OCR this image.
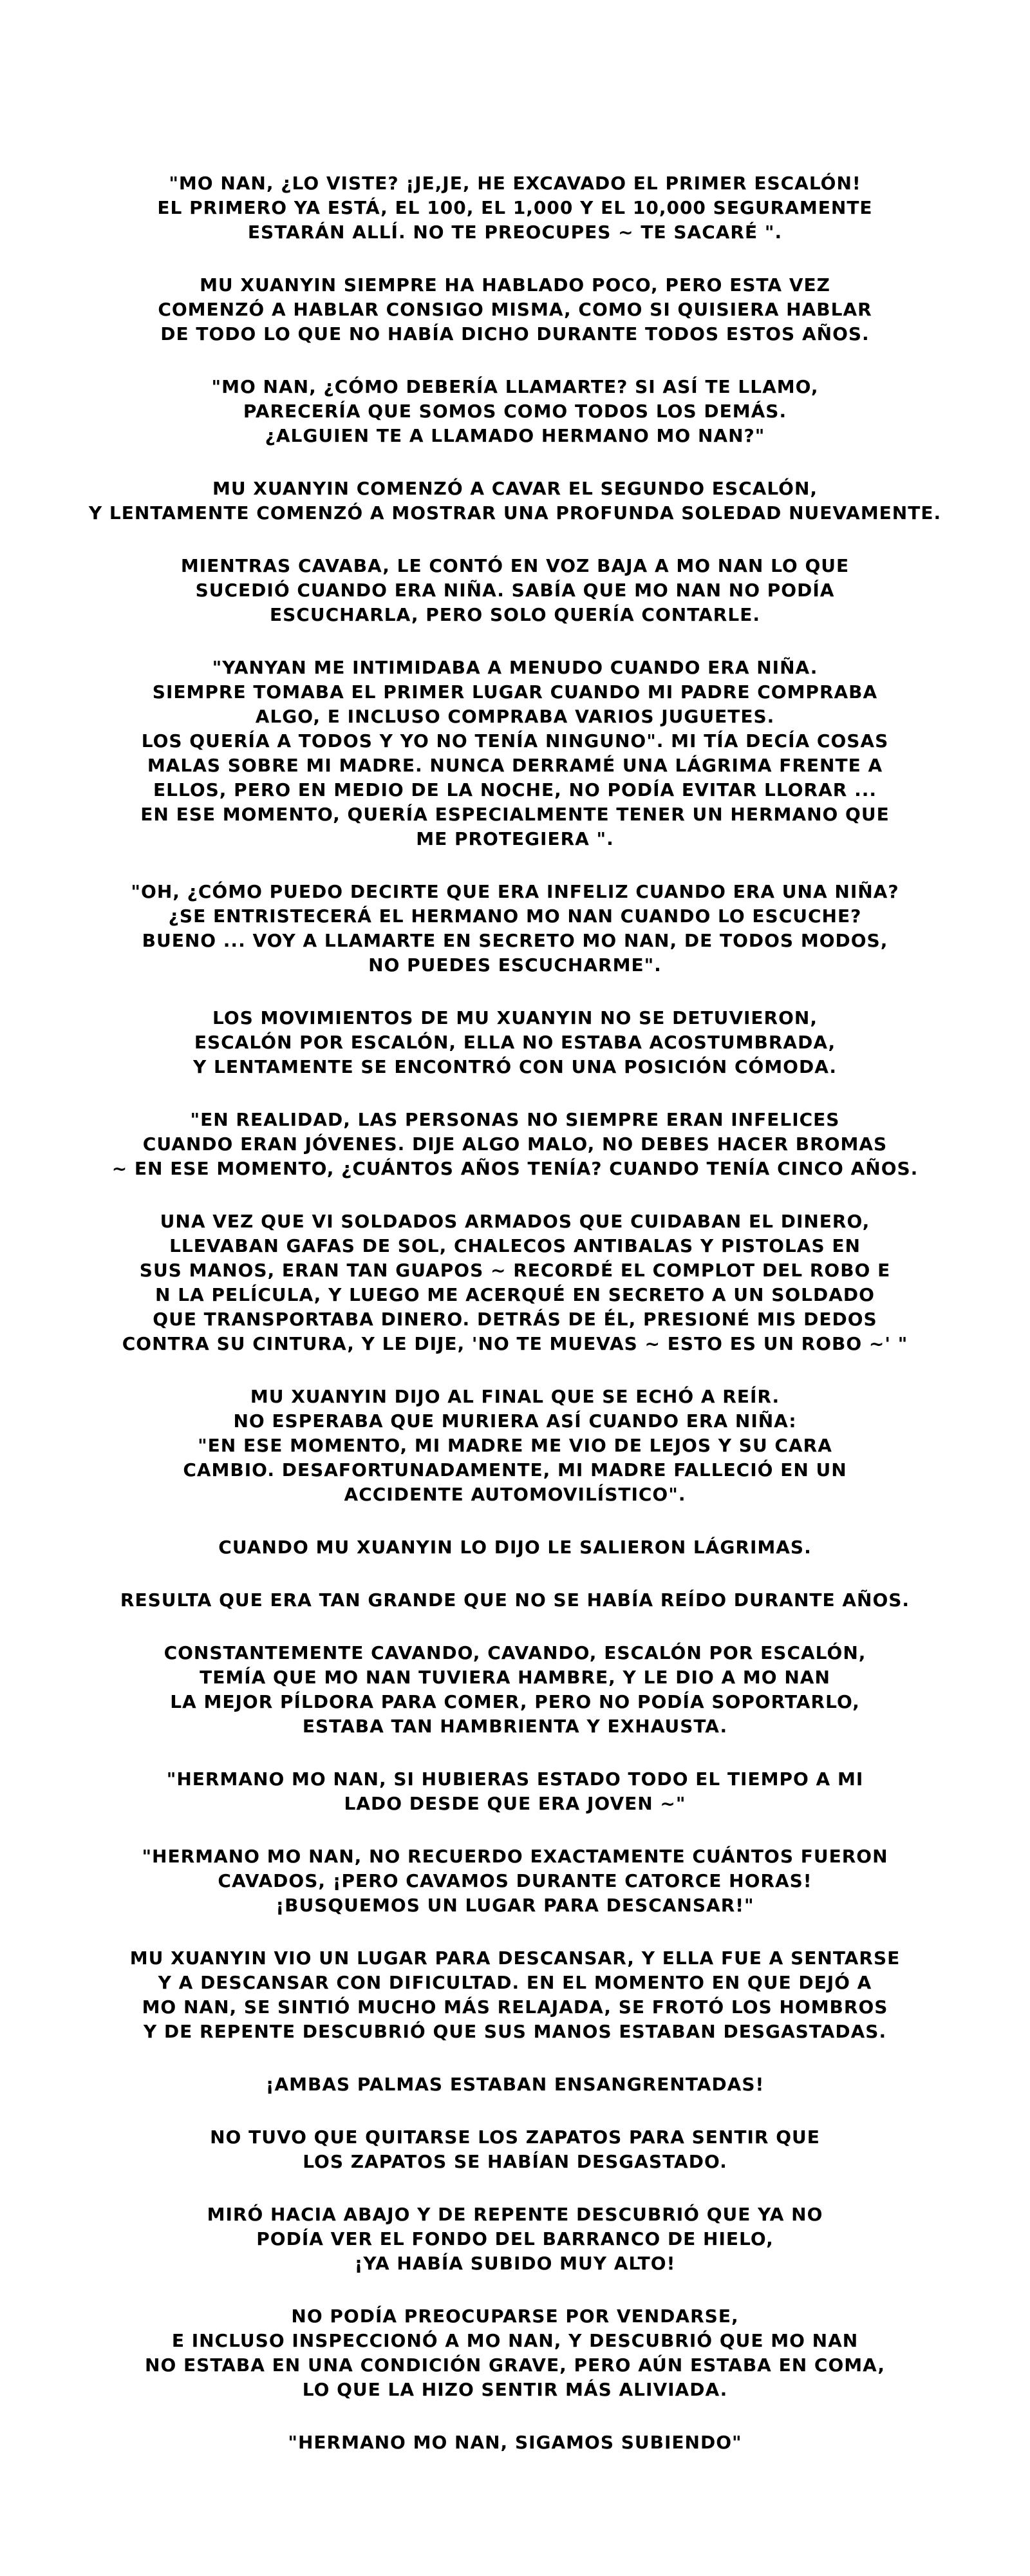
"MO NAN, ¿LO VISTE? ¡JE,JE, HE EXCAVADO EL PRIMER ESCALÓN!
EL PRIMERO YA ESTÁ, EL 100, EL 1,000 Y EL 10,000 SEGURAMENTE
ESTARÁN ALLÍ. NO TE PREOCUPES ~ TE SACARÉ ".
MU XUANYIN SIEMPRE HA HABLADO POCO, PERO ESTA VEZ
COMENZÓ A HABLAR CONSIGO MISMA, COMO SI QUISIERA HABLAR
DE TODO LO QUE NO HABÍA DICHO DURANTE TODOS ESTOS AÑOS.
"MO NAN, ¿CÓMO DEBERÍA LLAMARTE? SI ASÍ TE LLAMO,
PARECERÍA QUE SOMOS COMO TODOS LOS DEMÁS.
¿ALGUIEN TE A LLAMADO HERMANO MO NAN?"
MU XUANYIN COMENZÓ A CAVAR EL SEGUNDO ESCALÓN,
Y LENTAMENTE COMENZÓ A MOSTRAR UNA PROFUNDA SOLEDAD NUEVAMENTE.
MIENTRAS CAVABA, LE CONTÓ EN VOZ BAJA A MO NAN LO QUE
SUCEDIÓ CUANDO ERA NIÑA. SABÍA QUE MO NAN NO PODÍA
ESCUCHARLA, PERO SOLO QUERÍA CONTARLE.
"YANYAN ME INTIMIDABA A MENUDO CUANDO ERA NIÑA.
SIEMPRE TOMABA EL PRIMER LUGAR CUANDO MI PADRE COMPRABA
ALGO, E INCLUSO COMPRABA VARIOS JUGUETES.
LOS QUERÍA A TODOS Y YO NO TENÍA NINGUNO". MI TÍA DECÍA COSAS
MALAS SOBRE MI MADRE. NUNCA DERRAMÉ UNA LÁGRIMA FRENTE A
ELLOS, PERO EN MEDIO DE LA NOCHE, NO PODÍA EVITAR LLORAR ...
EN ESE MOMENTO, QUERÍA ESPECIALMENTE TENER UN HERMANO QUE
ME PROTEGIERA ".
"OH, ¿CÓMO PUEDO DECIRTE QUE ERA INFELIZ CUANDO ERA UNA NIÑA?
¿SE ENTRISTECERÁ EL HERMANO MO NAN CUANDO LO ESCUCHE?
BUENO ... VOY A LLAMARTE EN SECRETO MO NAN, DE TODOS MODOS,
NO PUEDES ESCUCHARME".
LOS MOVIMIENTOS DE MU XUANYIN NO SE DETUVIERON,
ESCALÓN POR ESCALÓN, ELLA NO ESTABA ACOSTUMBRADA,
Y LENTAMENTE SE ENCONTRÓ CON UNA POSICIÓN CÓMODA.
"EN REALIDAD, LAS PERSONAS NO SIEMPRE ERAN INFELICES
CUANDO ERAN JÓVENES. DIJE ALGO MALO, NO DEBES HACER BROMAS
~ EN ESE MOMENTO, ¿CUÁNTOS AÑOS TENÍA? CUANDO TENÍA CINCO AÑOS.
UNA VEZ QUE VI SOLDADOS ARMADOS QUE CUIDABAN EL DINERO,
LLEVABAN GAFAS DE SOL, CHALECOS ANTIBALAS Y PISTOLAS EN
SUS MANOS, ERAN TAN GUAPOS ~ RECORDÉ EL COMPLOT DEL ROBO E
N LA PELÍCULA, Y LUEGO ME ACERQUÉ EN SECRETO A UN SOLDADO
QUE TRANSPORTABA DINERO. DETRÁS DE ÉL, PRESIONÉ MIS DEDOS
CONTRA SU CINTURA, Y LE DIJE, 'NO TE MUEVAS ~ ESTO ES UN ROBO ~' "
MU XUANYIN DIJO AL FINAL QUE SE ECHÓ A REÍR.
NO ESPERABA QUE MURIERA ASÍ CUANDO ERA NIÑA:
"EN ESE MOMENTO, MI MADRE ME VIO DE LEJOS Y SU CARA
CAMBIO. DESAFORTUNADAMENTE, MI MADRE FALLECIÓ EN UN
ACCIDENTE AUTOMOVILÍSTICO".
CUANDO MU XUANYIN LO DIJO LE SALIERON LÁGRIMAS.
RESULTA QUE ERA TAN GRANDE QUE NO SE HABÍA REÍDO DURANTE AÑOS.
CONSTANTEMENTE CAVANDO, CAVANDO, ESCALÓN POR ESCALÓN,
TEMÍA QUE MO NAN TUVIERA HAMBRE, Y LE DIO A MO NAN
LA MEJOR PÍLDORA PARA COMER, PERO NO PODÍA SOPORTARLO,
ESTABA TAN HAMBRIENTA Y EXHAUSTA.
"HERMANO MO NAN, SI HUBIERAS ESTADO TODO EL TIEMPO A MI
LADO DESDE QUE ERA JOVEN ~"
"HERMANO MO NAN, NO RECUERDO EXACTAMENTE CUÁNTOS FUERON
CAVADOS, ¡PERO CAVAMOS DURANTE CATORCE HORAS!
¡BUSQUEMOS UN LUGAR PARA DESCANSAR!"
MU XUANYIN VIO UN LUGAR PARA DESCANSAR, Y ELLA FUE A SENTARSE
Y A DESCANSAR CON DIFICULTAD. EN EL MOMENTO EN QUE DEJÓ A
MO NAN, SE SINTIÓ MUCHO MÁS RELAJADA, SE FROTÓ LOS HOMBROS
Y DE REPENTE DESCUBRIÓ QUE SUS MANOS ESTABAN DESGASTADAS.
¡AMBAS PALMAS ESTABAN ENSANGRENTADAS!
NO TUVO QUE QUITARSE LOS ZAPATOS PARA SENTIR QUE
LOS ZAPATOS SE HABÍAN DESGASTADO.
MIRÓ HACIA ABAJO Y DE REPENTE DESCUBRIÓ QUE YA NO
PODÍA VER EL FONDO DEL BARRANCO DE HIELO,
¡YA HABÍA SUBIDO MUY ALTO!
NO PODÍA PREOCUPARSE POR VENDARSE,
E INCLUSO INSPECCIONÓ A MO NAN, Y DESCUBRIÓ QUE MO NAN
NO ESTABA EN UNA CONDICIÓN GRAVE, PERO AÚN ESTABA EN COMA,
LO QUE LA HIZO SENTIR MÁS ALIVIADA.
"HERMANO MO NAN, SIGAMOS SUBIENDO"
